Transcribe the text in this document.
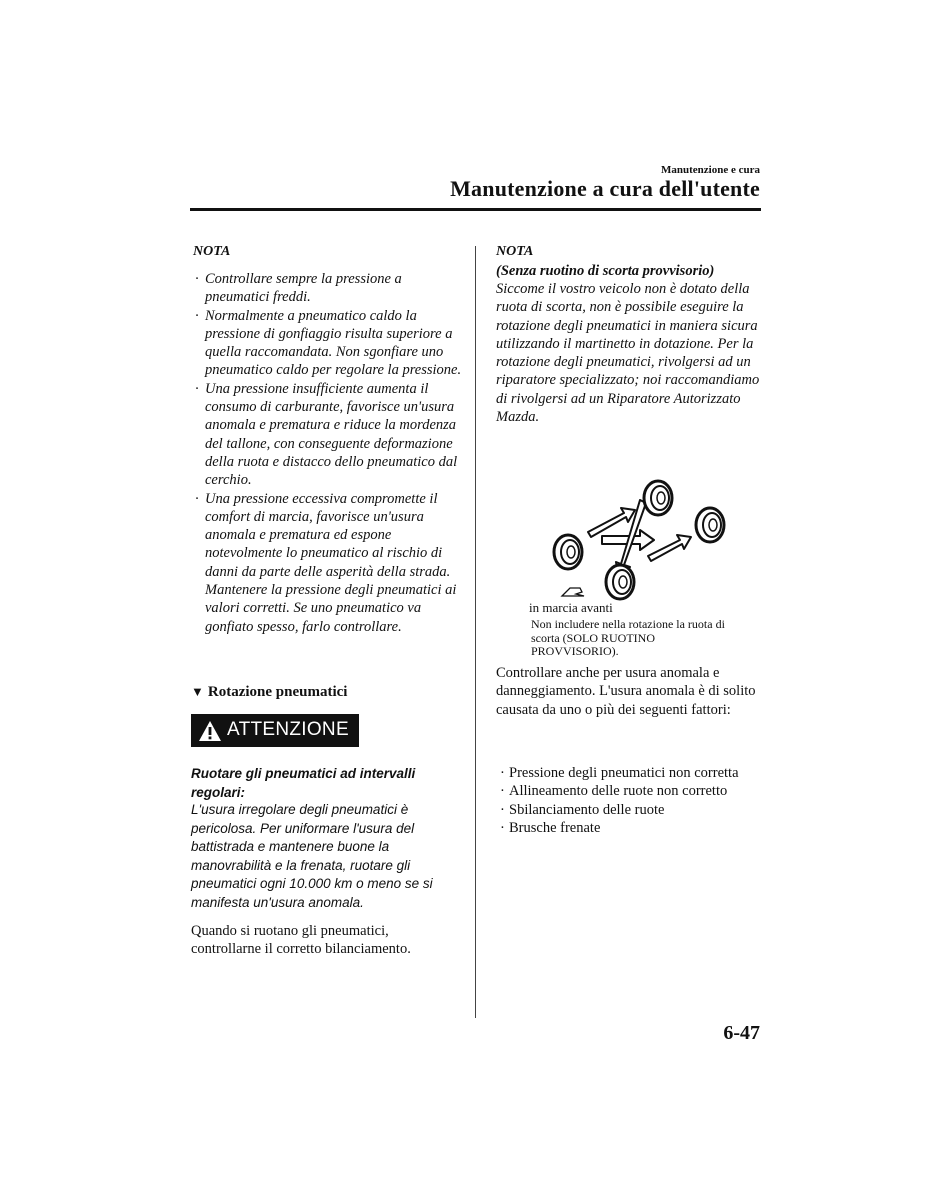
Manutenzione e cura
Manutenzione a cura dell'utente
NOTA

· Controllare sempre la pressione a pneumatici freddi.

· Normalmente a pneumatico caldo la pressione di gonfiaggio risulta superiore a quella raccomandata. Non sgonfiare uno pneumatico caldo per regolare la pressione.

· Una pressione insufficiente aumenta il consumo di carburante, favorisce un'usura anomala e prematura e riduce la mordenza del tallone, con conseguente deformazione della ruota e distacco dello pneumatico dal cerchio.

· Una pressione eccessiva compromette il comfort di marcia, favorisce un'usura anomala e prematura ed espone notevolmente lo pneumatico al rischio di danni da parte delle asperità della strada.

Mantenere la pressione degli pneumatici ai valori corretti. Se uno pneumatico va gonfiato spesso, farlo controllare.

▼ Rotazione pneumatici
ATTENZIONE
Ruotare gli pneumatici ad intervalli regolari:
L'usura irregolare degli pneumatici è pericolosa. Per uniformare l'usura del battistrada e mantenere buone la manovrabilità e la frenata, ruotare gli pneumatici ogni 10.000 km o meno se si manifesta un'usura anomala.
Quando si ruotano gli pneumatici, controllarne il corretto bilanciamento.
NOTA
(Senza ruotino di scorta provvisorio)
Siccome il vostro veicolo non è dotato della ruota di scorta, non è possibile eseguire la rotazione degli pneumatici in maniera sicura utilizzando il martinetto in dotazione. Per la rotazione degli pneumatici, rivolgersi ad un riparatore specializzato; noi raccomandiamo di rivolgersi ad un Riparatore Autorizzato Mazda.
in marcia avanti
Non includere nella rotazione la ruota di scorta (SOLO RUOTINO PROVVISORIO).
Controllare anche per usura anomala e danneggiamento. L'usura anomala è di solito causata da uno o più dei seguenti fattori:

· Pressione degli pneumatici non corretta

· Allineamento delle ruote non corretto

· Sbilanciamento delle ruote

· Brusche frenate

6-47
